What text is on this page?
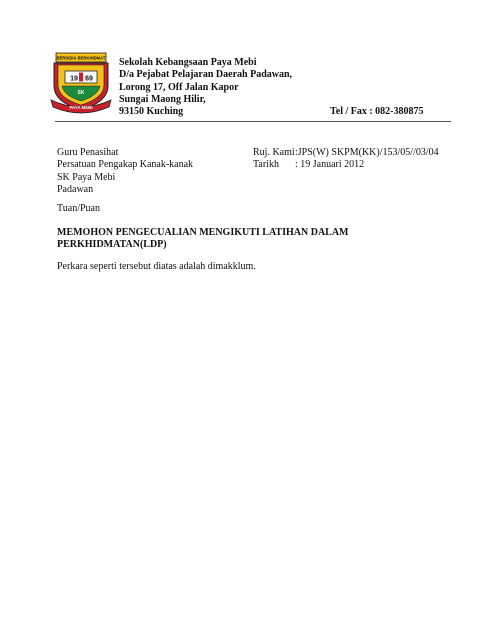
BERSIDIA BERKHIDMAT
19 69
SK
PAYA MEBI
Sekolah Kebangsaan Paya Mebi
D/a Pejabat Pelajaran Daerah Padawan,
Lorong 17, Off Jalan Kapor
Sungai Maong Hilir,
93150 Kuching	Tel / Fax : 082-380875
Guru Penasihat
Persatuan Pengakap Kanak-kanak
SK Paya Mebi
Padawan
Ruj. Kami :JPS(W) SKPM(KK)/153/05//03/04
Tarikh	: 19 Januari 2012
Tuan/Puan
MEMOHON PENGECUALIAN MENGIKUTI LATIHAN DALAM
PERKHIDMATAN(LDP)
Perkara seperti tersebut diatas adalah dimakklum.
